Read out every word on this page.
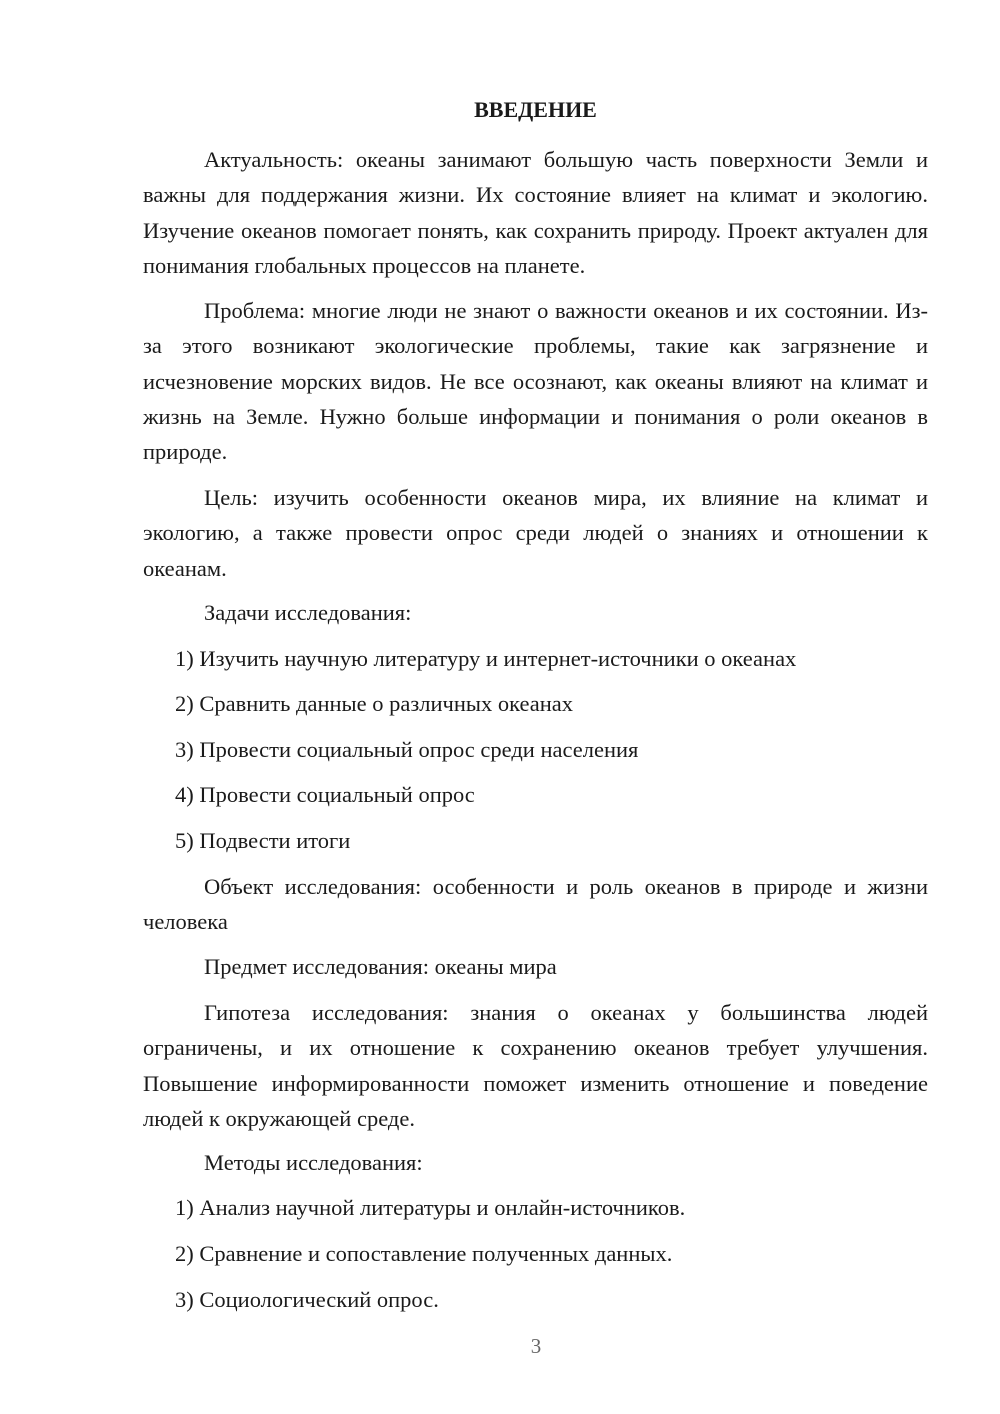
ВВЕДЕНИЕ

Актуальность: океаны занимают большую часть поверхности Земли и важны для поддержания жизни. Их состояние влияет на климат и экологию. Изучение океанов помогает понять, как сохранить природу. Проект актуален для понимания глобальных процессов на планете.

Проблема: многие люди не знают о важности океанов и их состоянии. Из-за этого возникают экологические проблемы, такие как загрязнение и исчезновение морских видов. Не все осознают, как океаны влияют на климат и жизнь на Земле. Нужно больше информации и понимания о роли океанов в природе.

Цель: изучить особенности океанов мира, их влияние на климат и экологию, а также провести опрос среди людей о знаниях и отношении к океанам.

Задачи исследования:

1) Изучить научную литературу и интернет-источники о океанах

2) Сравнить данные о различных океанах

3) Провести социальный опрос среди населения

4) Провести социальный опрос

5) Подвести итоги

Объект исследования: особенности и роль океанов в природе и жизни человека

Предмет исследования: океаны мира

Гипотеза исследования: знания о океанах у большинства людей ограничены, и их отношение к сохранению океанов требует улучшения. Повышение информированности поможет изменить отношение и поведение людей к окружающей среде.

Методы исследования:

1) Анализ научной литературы и онлайн-источников.

2) Сравнение и сопоставление полученных данных.

3) Социологический опрос.

3
